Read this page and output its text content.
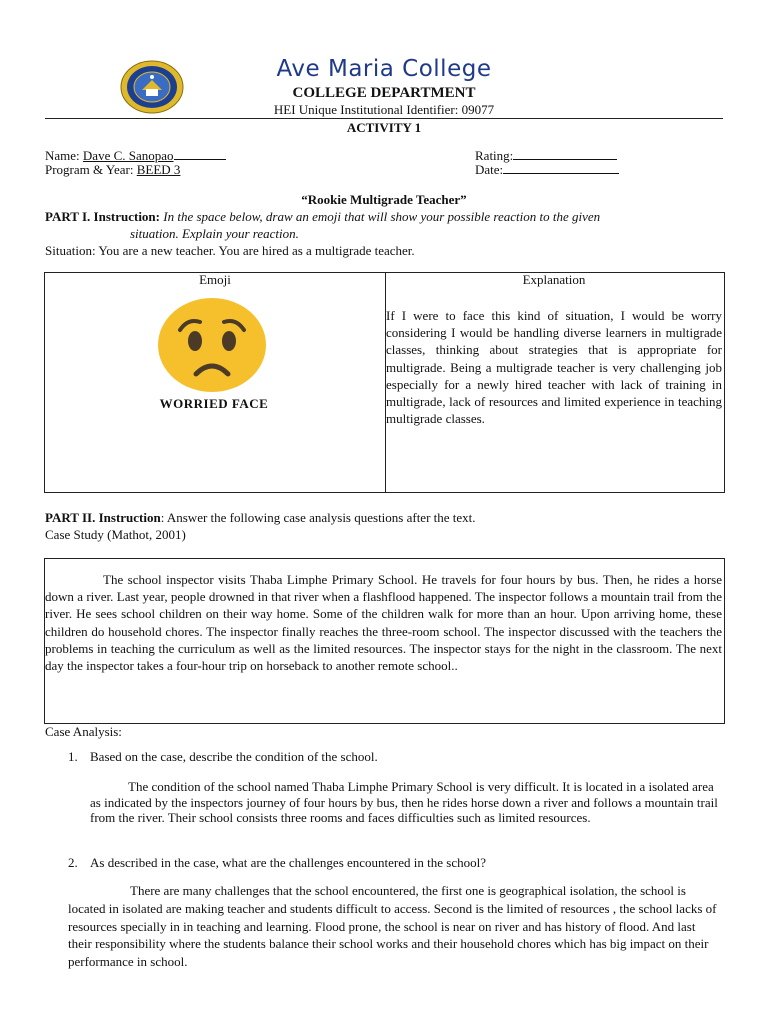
Ave Maria College
COLLEGE DEPARTMENT
HEI Unique Institutional Identifier: 09077
ACTIVITY 1
Name: Dave C. Sanopao
Program & Year: BEED 3
Rating:
Date:
“Rookie Multigrade Teacher”
PART I. Instruction: In the space below, draw an emoji that will show your possible reaction to the given
situation. Explain your reaction.
Situation: You are a new teacher. You are hired as a multigrade teacher.
Emoji	Explanation
WORRIED FACE
If I were to face this kind of situation, I would be worry considering I would be handling diverse learners in multigrade classes, thinking about strategies that is appropriate for multigrade. Being a multigrade teacher is very challenging job especially for a newly hired teacher with lack of training in multigrade, lack of resources and limited experience in teaching multigrade classes.
PART II. Instruction: Answer the following case analysis questions after the text.
Case Study (Mathot, 2001)
The school inspector visits Thaba Limphe Primary School. He travels for four hours by bus. Then, he rides a horse down a river. Last year, people drowned in that river when a flashflood happened. The inspector follows a mountain trail from the river. He sees school children on their way home. Some of the children walk for more than an hour. Upon arriving home, these children do household chores. The inspector finally reaches the three-room school. The inspector discussed with the teachers the problems in teaching the curriculum as well as the limited resources. The inspector stays for the night in the classroom. The next day the inspector takes a four-hour trip on horseback to another remote school..
Case Analysis:
1. Based on the case, describe the condition of the school.
The condition of the school named Thaba Limphe Primary School is very difficult. It is located in a isolated area as indicated by the inspectors journey of four hours by bus, then he rides horse down a river and follows a mountain trail from the river. Their school consists three rooms and faces difficulties such as limited resources.
2. As described in the case, what are the challenges encountered in the school?
There are many challenges that the school encountered, the first one is geographical isolation, the school is located in isolated are making teacher and students difficult to access. Second is the limited of resources , the school lacks of resources specially in in teaching and learning. Flood prone, the school is near on river and has history of flood. And last their responsibility where the students balance their school works and their household chores which has big impact on their performance in school.
